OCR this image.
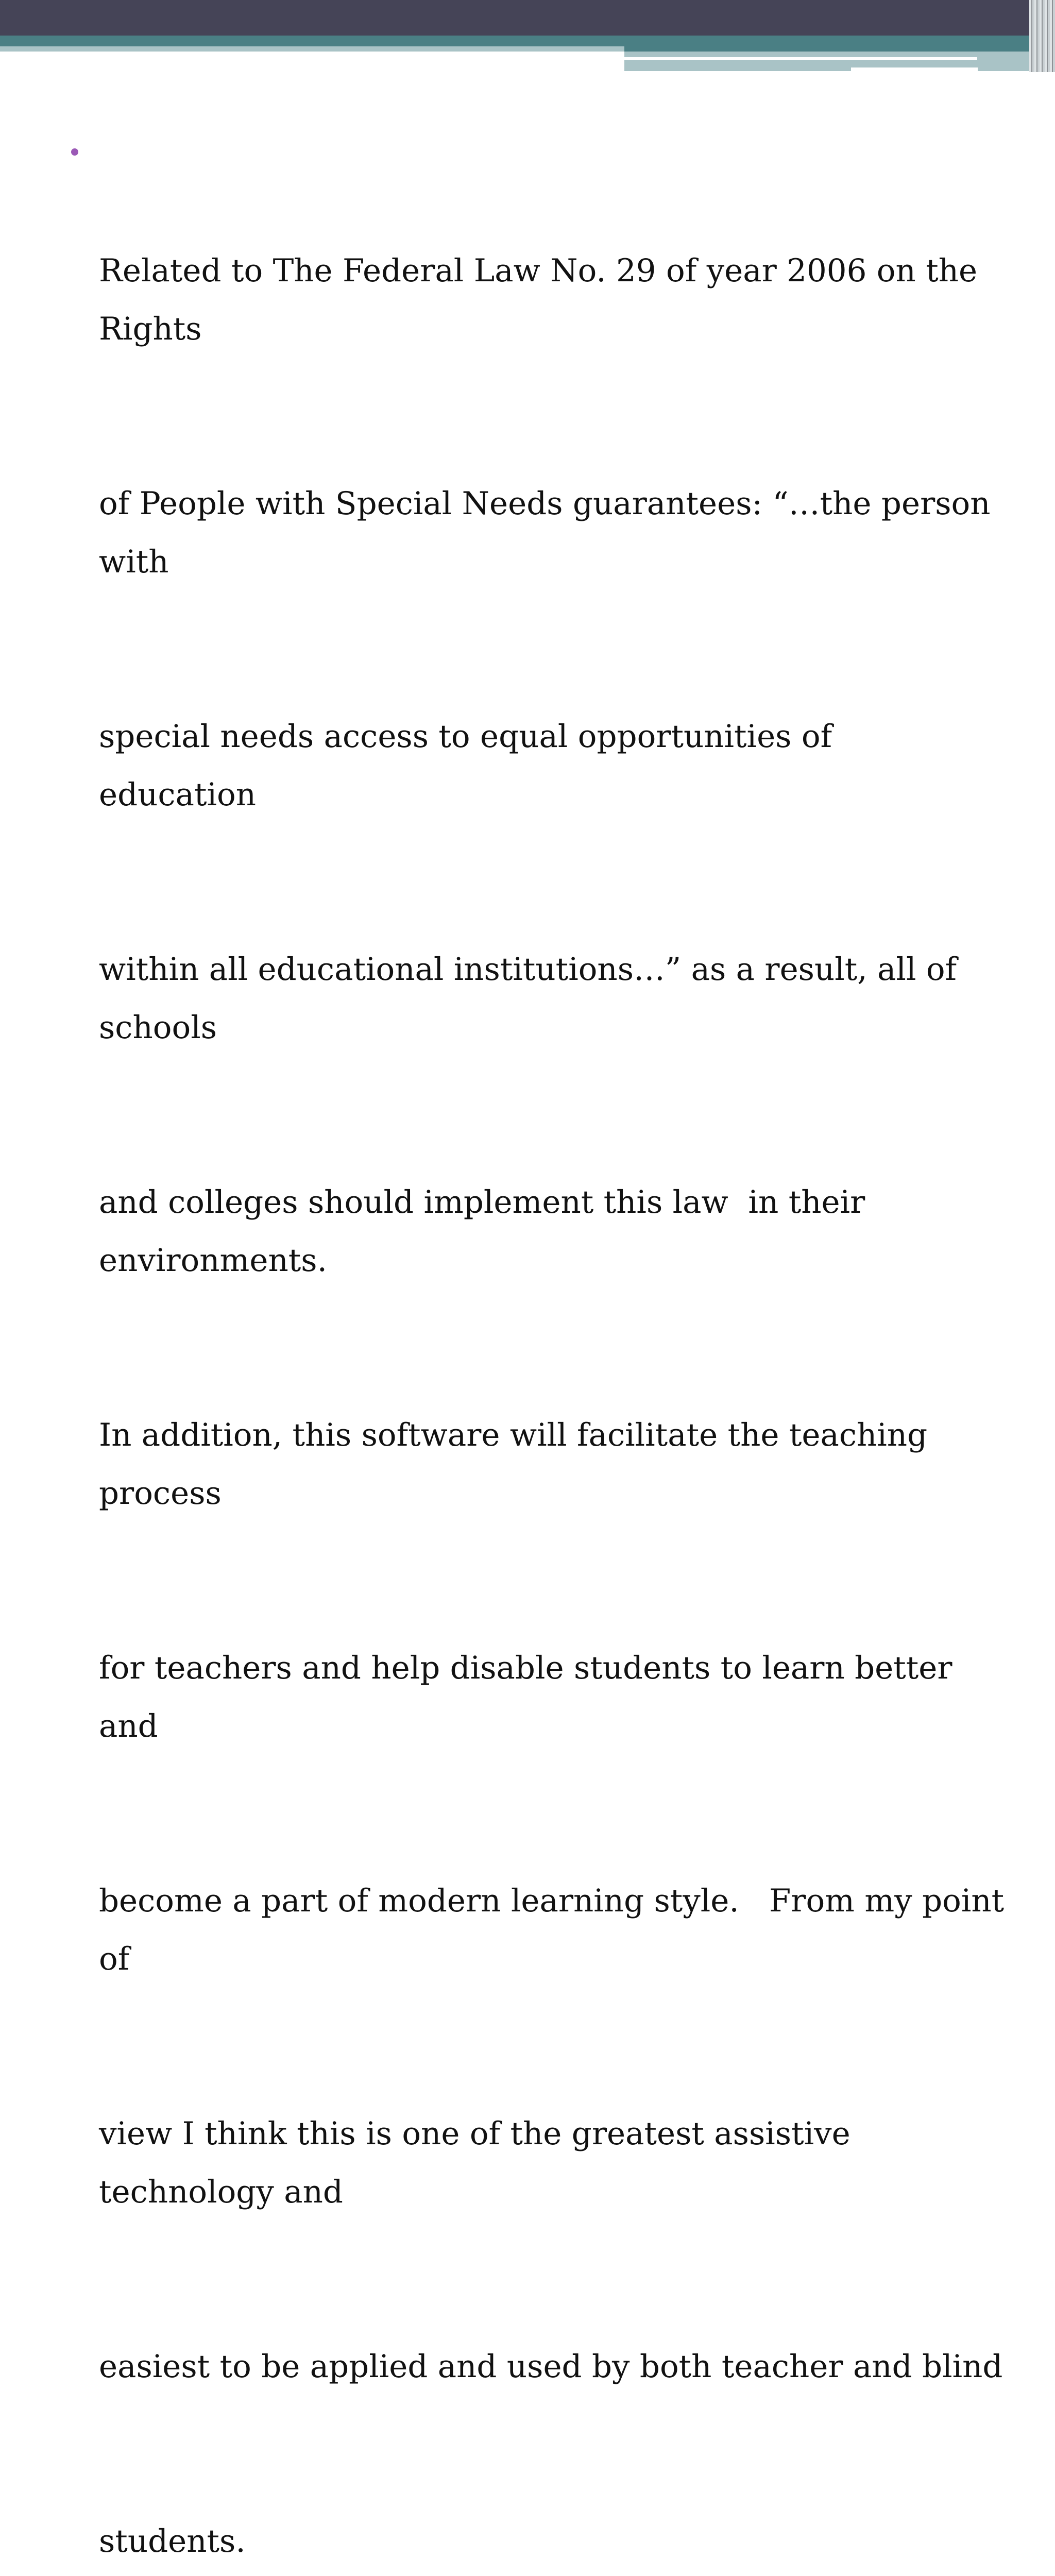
Related to The Federal Law No. 29 of year 2006 on the Rights

of People with Special Needs guarantees: “…the person with

special needs access to equal opportunities of  education

within all educational institutions…” as a result, all of schools

and colleges should implement this law  in their environments.

In addition, this software will facilitate the teaching process

for teachers and help disable students to learn better and

become a part of modern learning style.   From my point of

view I think this is one of the greatest assistive technology and

easiest to be applied and used by both teacher and blind

students.
